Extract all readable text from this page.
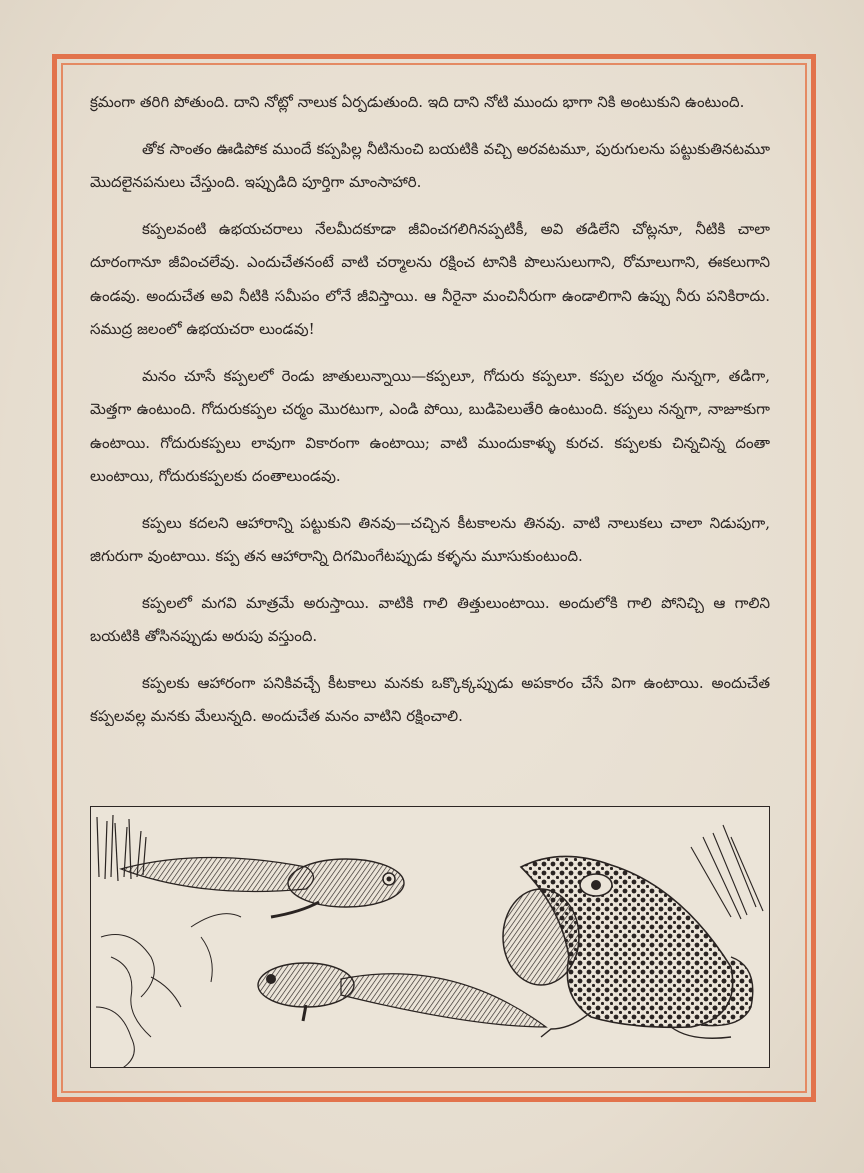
క్రమంగా తరిగి పోతుంది. దాని నోట్లో నాలుక ఏర్పడుతుంది. ఇది దాని నోటి ముందు భాగా నికి అంటుకుని ఉంటుంది.

తోక సాంతం ఊడిపోక ముందే కప్పపిల్ల నీటినుంచి బయటికి వచ్చి అరవటమూ, పురుగులను పట్టుకుతినటమూ మొదలైనపనులు చేస్తుంది. ఇప్పుడిది పూర్తిగా మాంసాహారి.

కప్పలవంటి ఉభయచరాలు నేలమీదకూడా జీవించగలిగినప్పటికీ, అవి తడిలేని చోట్లనూ, నీటికి చాలా దూరంగానూ జీవించలేవు. ఎందుచేతనంటే వాటి చర్మాలను రక్షించ టానికి పొలుసులుగాని, రోమాలుగాని, ఈకలుగాని ఉండవు. అందుచేత అవి నీటికి సమీపం లోనే జీవిస్తాయి. ఆ నీరైనా మంచినీరుగా ఉండాలిగాని ఉప్పు నీరు పనికిరాదు. సముద్ర జలంలో ఉభయచరా లుండవు!

మనం చూసే కప్పలలో రెండు జాతులున్నాయి—కప్పలూ, గోదురు కప్పలూ. కప్పల చర్మం నున్నగా, తడిగా, మెత్తగా ఉంటుంది. గోదురుకప్పల చర్మం మొరటుగా, ఎండి పోయి, బుడిపెలుతేరి ఉంటుంది. కప్పలు నన్నగా, నాజూకుగా ఉంటాయి. గోదురుకప్పలు లావుగా వికారంగా ఉంటాయి; వాటి ముందుకాళ్ళు కురచ. కప్పలకు చిన్నచిన్న దంతా లుంటాయి, గోదురుకప్పలకు దంతాలుండవు.

కప్పలు కదలని ఆహారాన్ని పట్టుకుని తినవు—చచ్చిన కీటకాలను తినవు. వాటి నాలుకలు చాలా నిడుపుగా, జిగురుగా వుంటాయి. కప్ప తన ఆహారాన్ని దిగమింగేటప్పుడు కళ్ళను మూసుకుంటుంది.

కప్పలలో మగవి మాత్రమే అరుస్తాయి. వాటికి గాలి తిత్తులుంటాయి. అందులోకి గాలి పోనిచ్చి ఆ గాలిని బయటికి తోసినప్పుడు అరుపు వస్తుంది.

కప్పలకు ఆహారంగా పనికివచ్చే కీటకాలు మనకు ఒక్కొక్కప్పుడు అపకారం చేసే విగా ఉంటాయి. అందుచేత కప్పలవల్ల మనకు మేలున్నది. అందుచేత మనం వాటిని రక్షించాలి.
